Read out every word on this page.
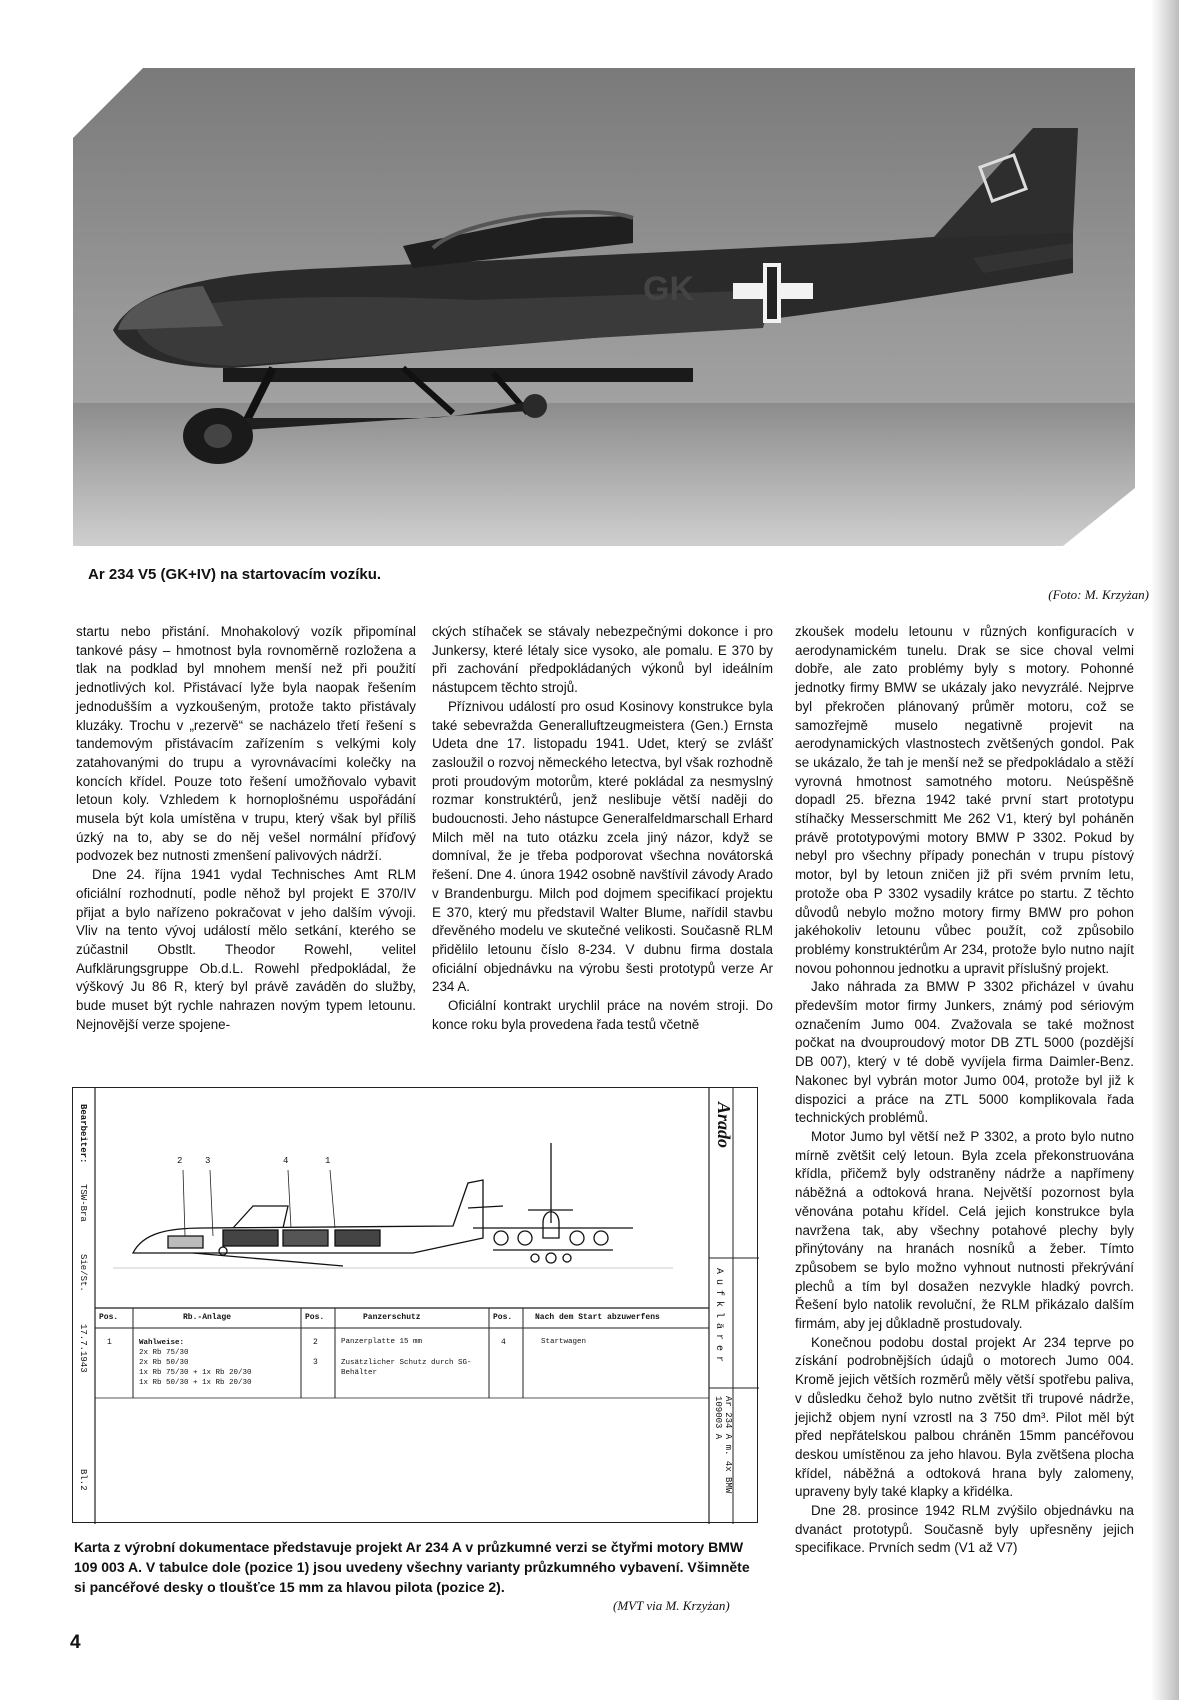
GK
Ar 234 V5 (GK+IV) na startovacím vozíku.
(Foto: M. Krzyżan)

startu nebo přistání. Mnohakolový vozík připomínal tankové pásy – hmotnost byla rovnoměrně rozložena a tlak na podklad byl mnohem menší než při použití jednotlivých kol. Přistávací lyže byla naopak řešením jednodušším a vyzkoušeným, protože takto přistávaly kluzáky. Trochu v „rezervě“ se nacházelo třetí řešení s tandemovým přistávacím zařízením s velkými koly zatahovanými do trupu a vyrovnávacími kolečky na koncích křídel. Pouze toto řešení umožňovalo vybavit letoun koly. Vzhledem k hornoplošnému uspořádání musela být kola umístěna v trupu, který však byl příliš úzký na to, aby se do něj vešel normální příďový podvozek bez nutnosti zmenšení palivových nádrží.

Dne 24. října 1941 vydal Technisches Amt RLM oficiální rozhodnutí, podle něhož byl projekt E 370/IV přijat a bylo nařízeno pokračovat v jeho dalším vývoji. Vliv na tento vývoj událostí mělo setkání, kterého se zúčastnil Obstlt. Theodor Rowehl, velitel Aufklärungsgruppe Ob.d.L. Rowehl předpokládal, že výškový Ju 86 R, který byl právě zaváděn do služby, bude muset být rychle nahrazen novým typem letounu. Nejnovější verze spojene-

ckých stíhaček se stávaly nebezpečnými dokonce i pro Junkersy, které létaly sice vysoko, ale pomalu. E 370 by při zachování předpokládaných výkonů byl ideálním nástupcem těchto strojů.

Příznivou událostí pro osud Kosinovy konstrukce byla také sebevražda Generalluftzeugmeistera (Gen.) Ernsta Udeta dne 17. listopadu 1941. Udet, který se zvlášť zasloužil o rozvoj německého letectva, byl však rozhodně proti proudovým motorům, které pokládal za nesmyslný rozmar konstruktérů, jenž neslibuje větší naději do budoucnosti. Jeho nástupce Generalfeldmarschall Erhard Milch měl na tuto otázku zcela jiný názor, když se domníval, že je třeba podporovat všechna novátorská řešení. Dne 4. února 1942 osobně navštívil závody Arado v Brandenburgu. Milch pod dojmem specifikací projektu E 370, který mu představil Walter Blume, nařídil stavbu dřevěného modelu ve skutečné velikosti. Současně RLM přidělilo letounu číslo 8-234. V dubnu firma dostala oficiální objednávku na výrobu šesti prototypů verze Ar 234 A.

Oficiální kontrakt urychlil práce na novém stroji. Do konce roku byla provedena řada testů včetně

zkoušek modelu letounu v různých konfiguracích v aerodynamickém tunelu. Drak se sice choval velmi dobře, ale zato problémy byly s motory. Pohonné jednotky firmy BMW se ukázaly jako nevyzrálé. Nejprve byl překročen plánovaný průměr motoru, což se samozřejmě muselo negativně projevit na aerodynamických vlastnostech zvětšených gondol. Pak se ukázalo, že tah je menší než se předpokládalo a stěží vyrovná hmotnost samotného motoru. Neúspěšně dopadl 25. března 1942 také první start prototypu stíhačky Messerschmitt Me 262 V1, který byl poháněn právě prototypovými motory BMW P 3302. Pokud by nebyl pro všechny případy ponechán v trupu pístový motor, byl by letoun zničen již při svém prvním letu, protože oba P 3302 vysadily krátce po startu. Z těchto důvodů nebylo možno motory firmy BMW pro pohon jakéhokoliv letounu vůbec použít, což způsobilo problémy konstruktérům Ar 234, protože bylo nutno najít novou pohonnou jednotku a upravit příslušný projekt.

Jako náhrada za BMW P 3302 přicházel v úvahu především motor firmy Junkers, známý pod sériovým označením Jumo 004. Zvažovala se také možnost počkat na dvouproudový motor DB ZTL 5000 (pozdější DB 007), který v té době vyvíjela firma Daimler-Benz. Nakonec byl vybrán motor Jumo 004, protože byl již k dispozici a práce na ZTL 5000 komplikovala řada technických problémů.

Motor Jumo byl větší než P 3302, a proto bylo nutno mírně zvětšit celý letoun. Byla zcela překonstruována křídla, přičemž byly odstraněny nádrže a napřímeny náběžná a odtoková hrana. Největší pozornost byla věnována potahu křídel. Celá jejich konstrukce byla navržena tak, aby všechny potahové plechy byly přinýtovány na hranách nosníků a žeber. Tímto způsobem se bylo možno vyhnout nutnosti překrývání plechů a tím byl dosažen nezvykle hladký povrch. Řešení bylo natolik revoluční, že RLM přikázalo dalším firmám, aby jej důkladně prostudovaly.

Konečnou podobu dostal projekt Ar 234 teprve po získání podrobnějších údajů o motorech Jumo 004. Kromě jejich větších rozměrů měly větší spotřebu paliva, v důsledku čehož bylo nutno zvětšit tři trupové nádrže, jejichž objem nyní vzrostl na 3 750 dm³. Pilot měl být před nepřátelskou palbou chráněn 15mm pancéřovou deskou umístěnou za jeho hlavou. Byla zvětšena plocha křídel, náběžná a odtoková hrana byly zalomeny, upraveny byly také klapky a křidélka.

Dne 28. prosince 1942 RLM zvýšilo objednávku na dvanáct prototypů. Současně byly upřesněny jejich specifikace. Prvních sedm (V1 až V7)

Bearbeiter:
TSW-Bra
Sie/St.
17.7.1943
Bl.2
2	3	4	1
Arado
Aufklärer
Ar 234 A m. 4x BMW 109003 A
Pos.	Rb.-Anlage	Pos.	Panzerschutz	Pos.	Nach dem Start abzuwerfens
1	Wahlweise:
2x Rb 75/30
2x Rb 50/30
1x Rb 75/30 + 1x Rb 20/30
1x Rb 50/30 + 1x Rb 20/30
2	Panzerplatte 15 mm
3	Zusätzlicher Schutz durch SG-Behälter
4	Startwagen
Karta z výrobní dokumentace představuje projekt Ar 234 A v průzkumné verzi se čtyřmi motory BMW 109 003 A. V tabulce dole (pozice 1) jsou uvedeny všechny varianty průzkumného vybavení. Všimněte si pancéřové desky o tloušťce 15 mm za hlavou pilota (pozice 2).
(MVT via M. Krzyżan)
4
